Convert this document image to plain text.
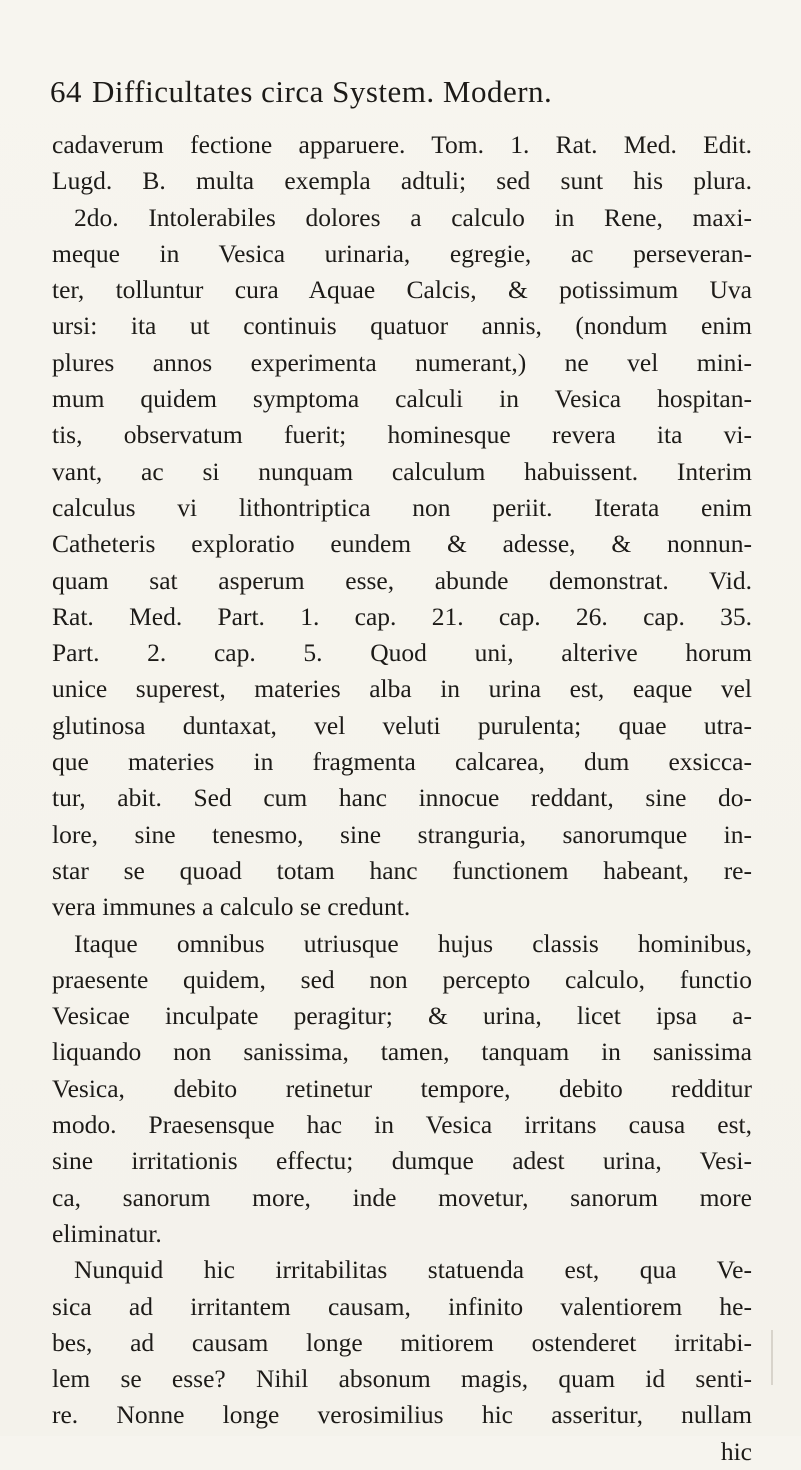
64 Difficultates circa System. Modern.
cadaverum fectione apparuere. Tom. 1. Rat. Med. Edit.
Lugd. B. multa exempla adtuli; sed sunt his plura.
2do. Intolerabiles dolores a calculo in Rene, maxi-
meque in Vesica urinaria, egregie, ac perseveran-
ter, tolluntur cura Aquae Calcis, & potissimum Uva
ursi: ita ut continuis quatuor annis, (nondum enim
plures annos experimenta numerant,) ne vel mini-
mum quidem symptoma calculi in Vesica hospitan-
tis, observatum fuerit; hominesque revera ita vi-
vant, ac si nunquam calculum habuissent. Interim
calculus vi lithontriptica non periit. Iterata enim
Catheteris exploratio eundem & adesse, & nonnun-
quam sat asperum esse, abunde demonstrat. Vid.
Rat. Med. Part. 1. cap. 21. cap. 26. cap. 35.
Part. 2. cap. 5. Quod uni, alterive horum
unice superest, materies alba in urina est, eaque vel
glutinosa duntaxat, vel veluti purulenta; quae utra-
que materies in fragmenta calcarea, dum exsicca-
tur, abit. Sed cum hanc innocue reddant, sine do-
lore, sine tenesmo, sine stranguria, sanorumque in-
star se quoad totam hanc functionem habeant, re-
vera immunes a calculo se credunt.
Itaque omnibus utriusque hujus classis hominibus,
praesente quidem, sed non percepto calculo, functio
Vesicae inculpate peragitur; & urina, licet ipsa a-
liquando non sanissima, tamen, tanquam in sanissima
Vesica, debito retinetur tempore, debito redditur
modo. Praesensque hac in Vesica irritans causa est,
sine irritationis effectu; dumque adest urina, Vesi-
ca, sanorum more, inde movetur, sanorum more
eliminatur.
Nunquid hic irritabilitas statuenda est, qua Ve-
sica ad irritantem causam, infinito valentiorem he-
bes, ad causam longe mitiorem ostenderet irritabi-
lem se esse? Nihil absonum magis, quam id senti-
re. Nonne longe verosimilius hic asseritur, nullam
hic
